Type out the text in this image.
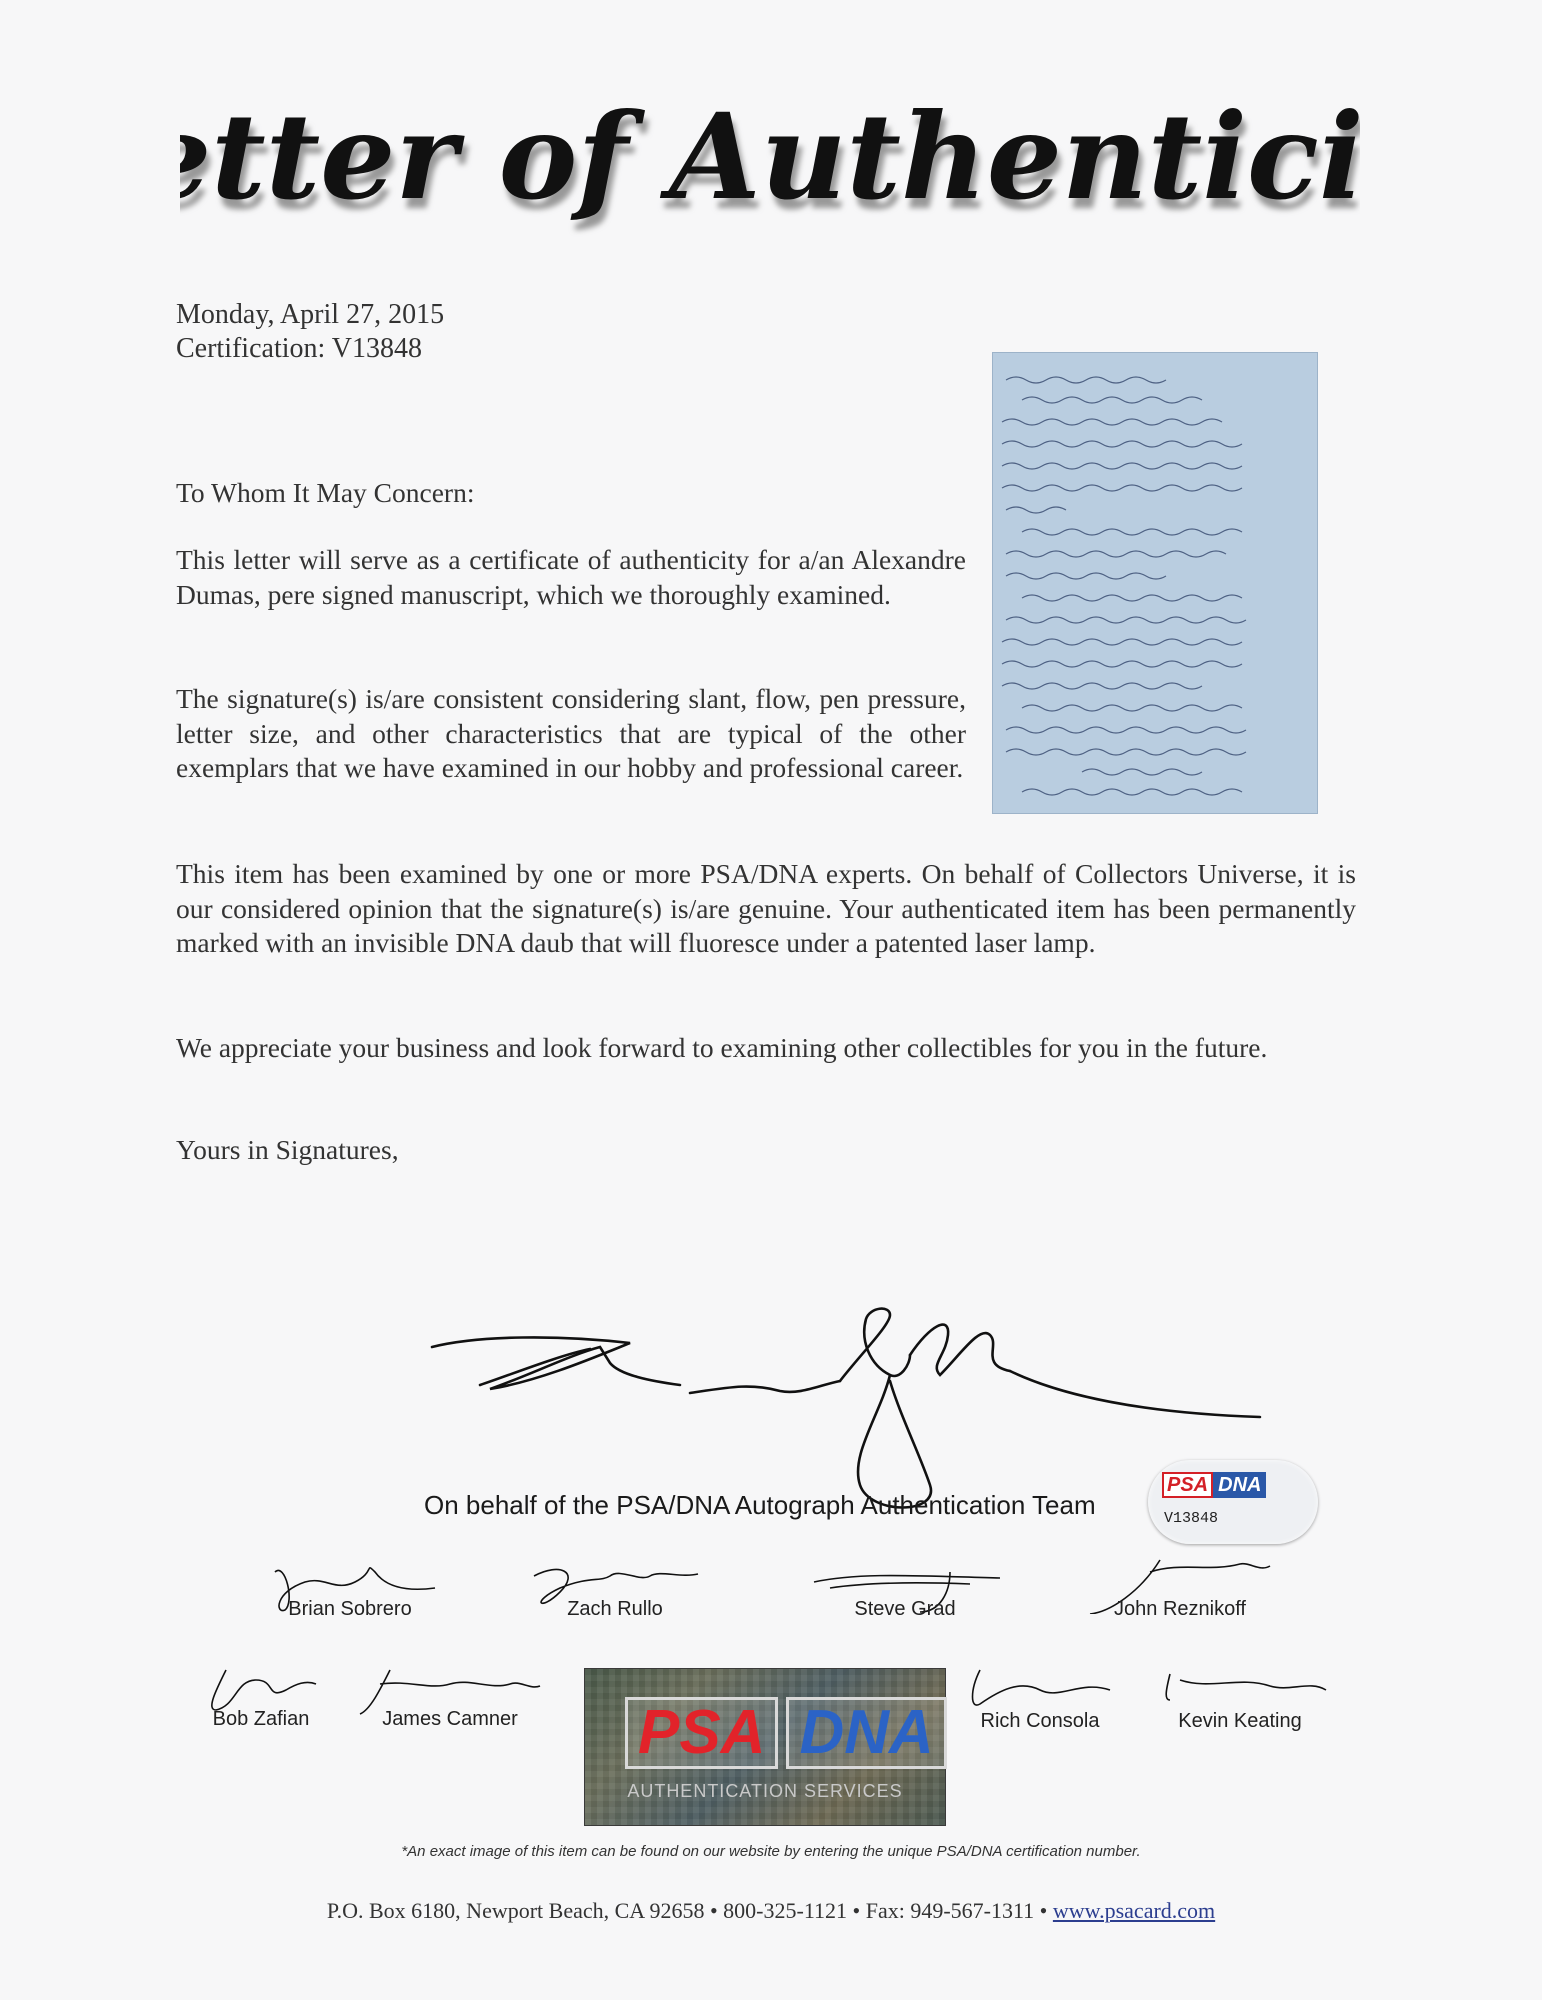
tter of Authentic
tter of Authentici
Monday, April 27, 2015
Certification: V13848
To Whom It May Concern:
This letter will serve as a certificate of authenticity for a/an Alexandre Dumas, pere signed manuscript, which we thoroughly examined.
The signature(s) is/are consistent considering slant, flow, pen pressure, letter size, and other characteristics that are typical of the other exemplars that we have examined in our hobby and professional career.
This item has been examined by one or more PSA/DNA experts. On behalf of Collectors Universe, it is our considered opinion that the signature(s) is/are genuine. Your authenticated item has been permanently marked with an invisible DNA daub that will fluoresce under a patented laser lamp.
We appreciate your business and look forward to examining other collectibles for you in the future.
Yours in Signatures,
On behalf of the PSA/DNA Autograph Authentication Team
PSA DNA
V13848
Brian Sobrero	Zach Rullo	Steve Grad	John Reznikoff
Bob Zafian	James Camner	Rich Consola	Kevin Keating
PSA DNA
AUTHENTICATION SERVICES
*An exact image of this item can be found on our website by entering the unique PSA/DNA certification number.
P.O. Box 6180, Newport Beach, CA 92658 • 800-325-1121 • Fax: 949-567-1311 • www.psacard.com
